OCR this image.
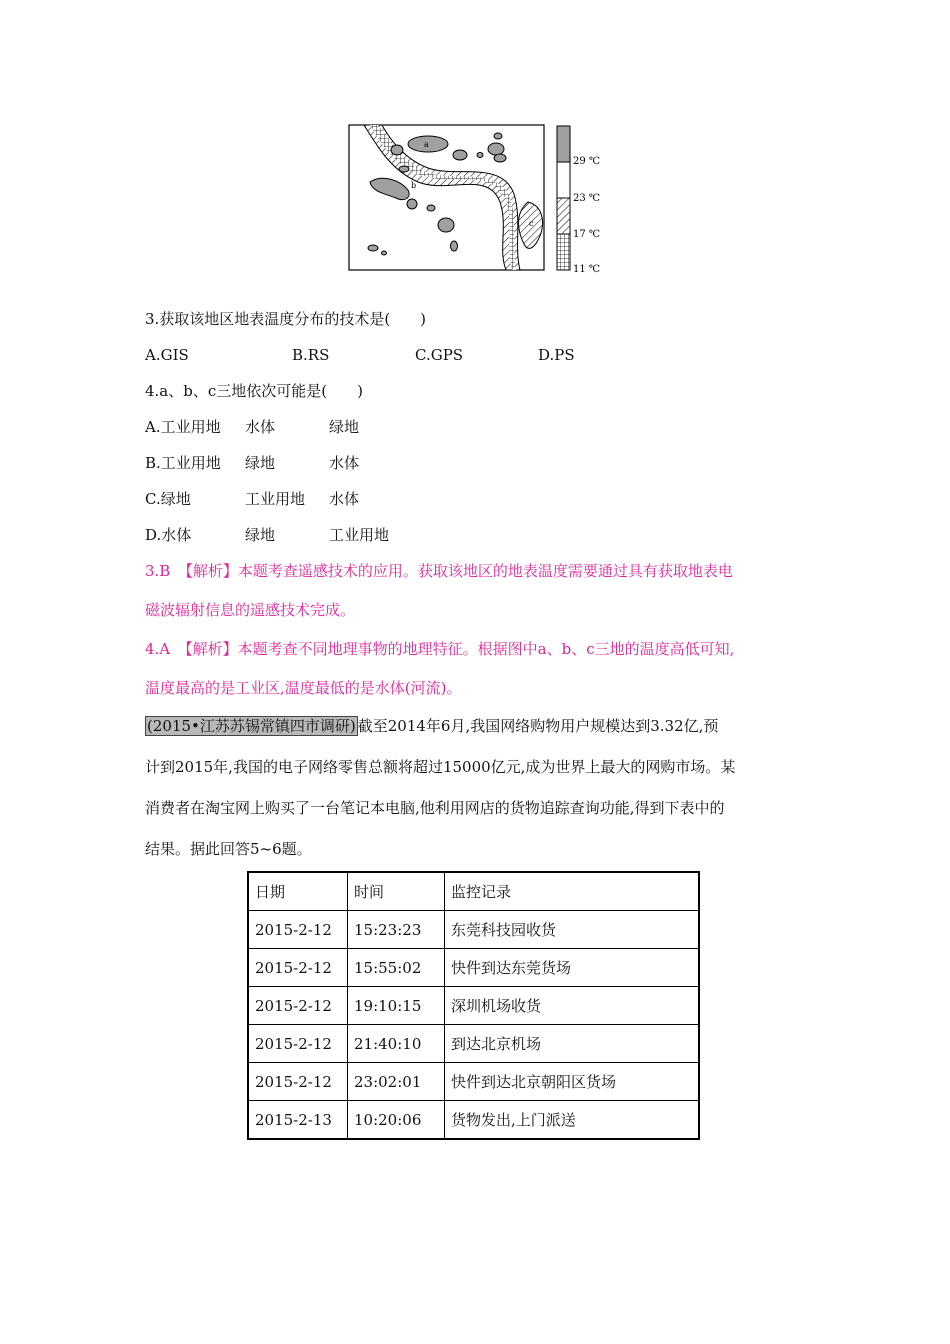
a
b
c
29 ℃
23 ℃
17 ℃
11 ℃
3.获取该地区地表温度分布的技术是(　　)
A.GIS	B.RS	C.GPS	D.PS
4.a、b、c三地依次可能是(　　)
A.工业用地 水体	绿地
B.工业用地 绿地	水体
C.绿地	工业用地 水体
D.水体	绿地	工业用地
3.B　【解析】本题考查遥感技术的应用。获取该地区的地表温度需要通过具有获取地表电
磁波辐射信息的遥感技术完成。
4.A　【解析】本题考查不同地理事物的地理特征。根据图中a、b、c三地的温度高低可知,
温度最高的是工业区,温度最低的是水体(河流)。
(2015•江苏苏锡常镇四市调研) 截至2014年6月,我国网络购物用户规模达到3.32亿,预
计到2015年,我国的电子网络零售总额将超过15000亿元,成为世界上最大的网购市场。某
消费者在淘宝网上购买了一台笔记本电脑,他利用网店的货物追踪查询功能,得到下表中的
结果。据此回答5~6题。
日期	时间	监控记录
2015-2-12	15:23:23	东莞科技园收货
2015-2-12	15:55:02	快件到达东莞货场
2015-2-12	19:10:15	深圳机场收货
2015-2-12	21:40:10	到达北京机场
2015-2-12	23:02:01	快件到达北京朝阳区货场
2015-2-13	10:20:06	货物发出,上门派送
